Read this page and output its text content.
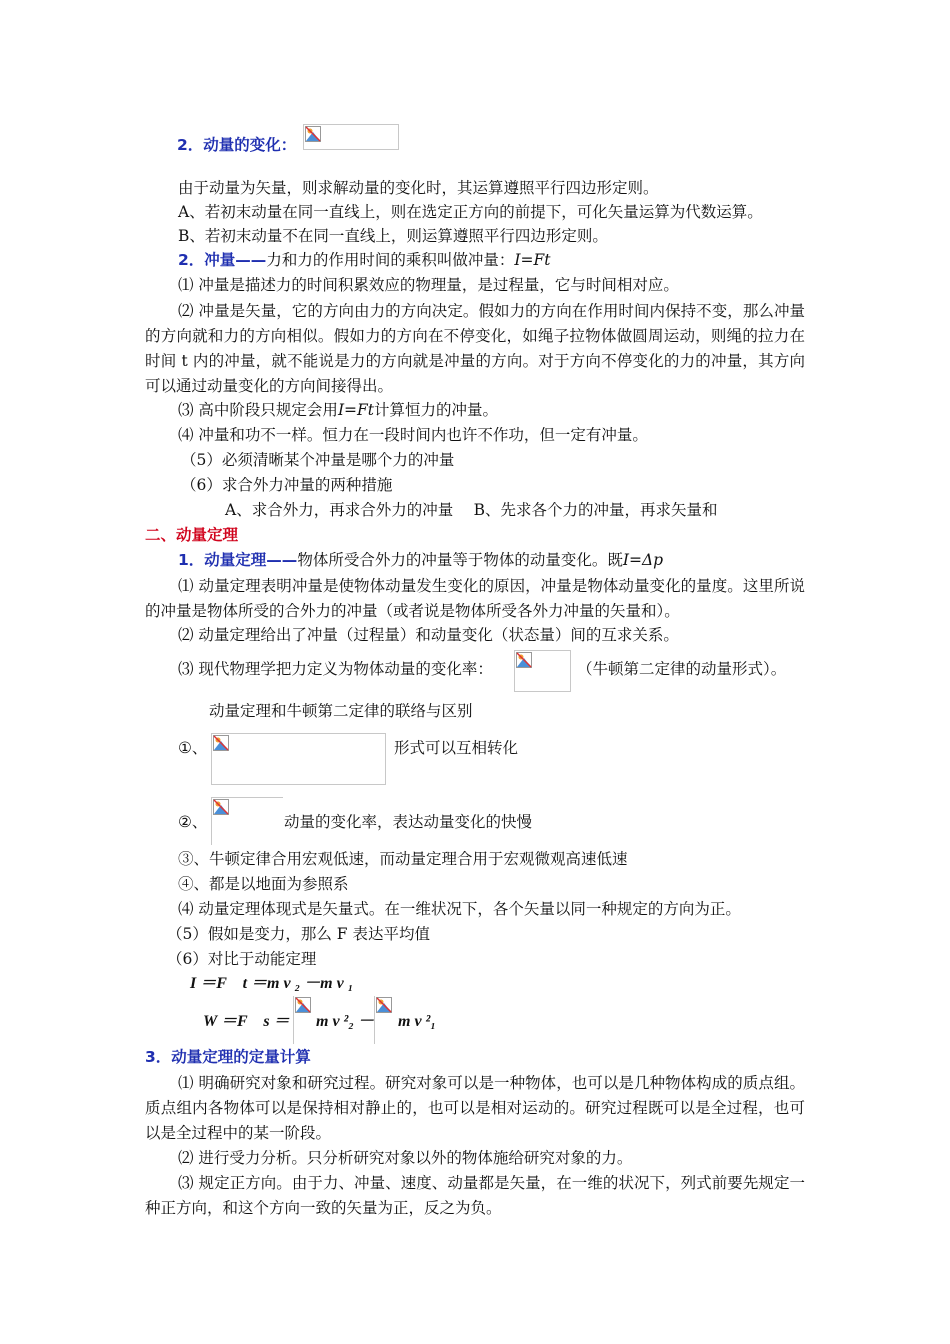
2．动量的变化：
由于动量为矢量，则求解动量的变化时，其运算遵照平行四边形定则。
A、若初末动量在同一直线上，则在选定正方向的前提下，可化矢量运算为代数运算。
B、若初末动量不在同一直线上，则运算遵照平行四边形定则。
2．冲量——力和力的作用时间的乘积叫做冲量：I=Ft
⑴ 冲量是描述力的时间积累效应的物理量，是过程量，它与时间相对应。
⑵ 冲量是矢量，它的方向由力的方向决定。假如力的方向在作用时间内保持不变，那么冲量的方向就和力的方向相似。假如力的方向在不停变化，如绳子拉物体做圆周运动，则绳的拉力在时间 t 内的冲量，就不能说是力的方向就是冲量的方向。对于方向不停变化的力的冲量，其方向可以通过动量变化的方向间接得出。
⑶ 高中阶段只规定会用I=Ft计算恒力的冲量。
⑷ 冲量和功不一样。恒力在一段时间内也许不作功，但一定有冲量。
（5）必须清晰某个冲量是哪个力的冲量
（6）求合外力冲量的两种措施
A、求合外力，再求合外力的冲量　 B、先求各个力的冲量，再求矢量和
二、动量定理
1．动量定理——物体所受合外力的冲量等于物体的动量变化。既I=Δp
⑴ 动量定理表明冲量是使物体动量发生变化的原因，冲量是物体动量变化的量度。这里所说的冲量是物体所受的合外力的冲量（或者说是物体所受各外力冲量的矢量和）。
⑵ 动量定理给出了冲量（过程量）和动量变化（状态量）间的互求关系。
⑶ 现代物理学把力定义为物体动量的变化率：	（牛顿第二定律的动量形式）。
动量定理和牛顿第二定律的联络与区别
①、	形式可以互相转化
②、	动量的变化率，表达动量变化的快慢
③、牛顿定律合用宏观低速，而动量定理合用于宏观微观高速低速
④、都是以地面为参照系
⑷ 动量定理体现式是矢量式。在一维状况下，各个矢量以同一种规定的方向为正。
（5）假如是变力，那么 F 表达平均值
（6）对比于动能定理
I ＝F　t ＝m v ₂ －m v ₁
W ＝F　s ＝ m v ²₂ － m v ²₁
3．动量定理的定量计算
⑴ 明确研究对象和研究过程。研究对象可以是一种物体，也可以是几种物体构成的质点组。质点组内各物体可以是保持相对静止的，也可以是相对运动的。研究过程既可以是全过程，也可以是全过程中的某一阶段。
⑵ 进行受力分析。只分析研究对象以外的物体施给研究对象的力。
⑶ 规定正方向。由于力、冲量、速度、动量都是矢量，在一维的状况下，列式前要先规定一种正方向，和这个方向一致的矢量为正，反之为负。
